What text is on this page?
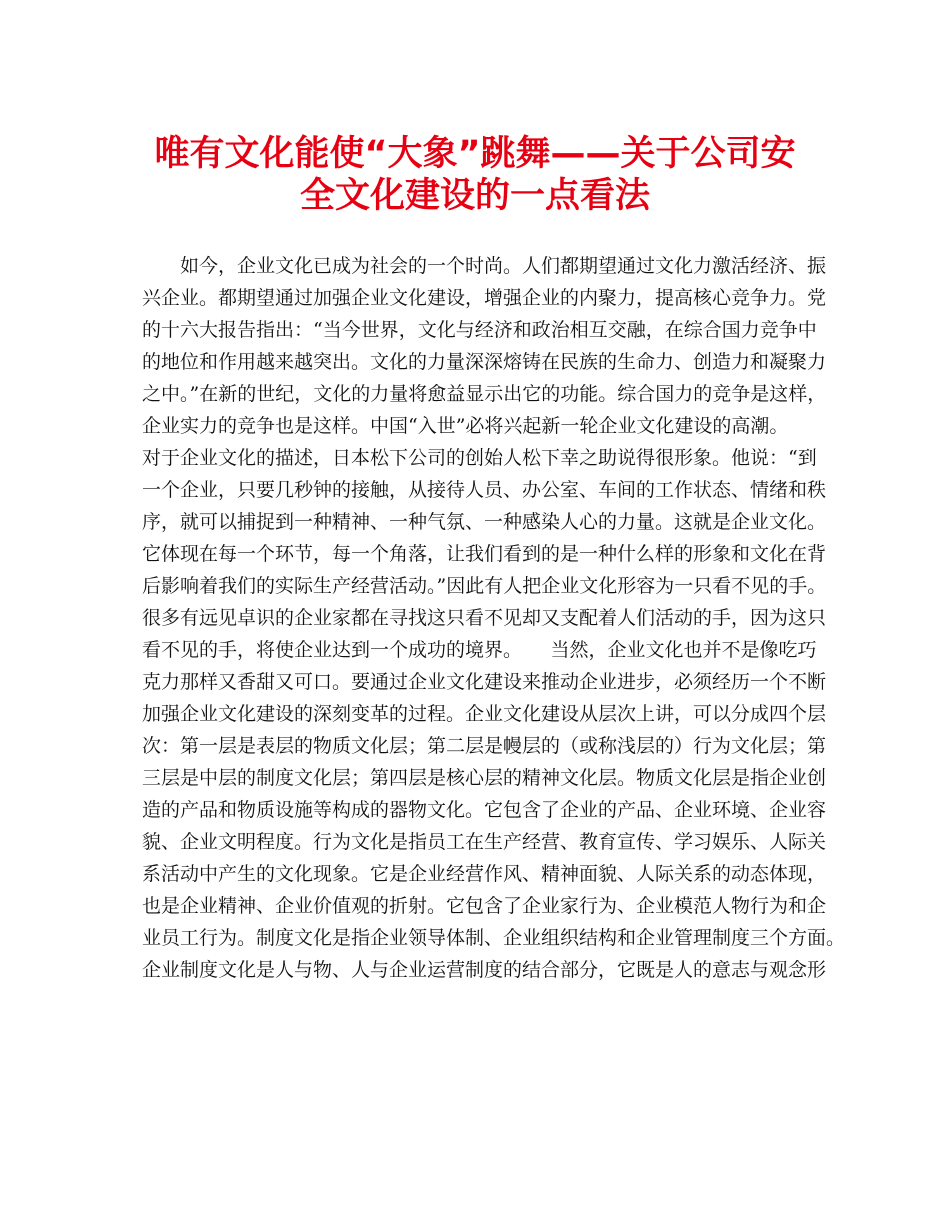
唯有文化能使“大象”跳舞——关于公司安
全文化建设的一点看法
　　如今，企业文化已成为社会的一个时尚。人们都期望通过文化力激活经济、振
兴企业。都期望通过加强企业文化建设，增强企业的内聚力，提高核心竞争力。党
的十六大报告指出：“当今世界，文化与经济和政治相互交融，在综合国力竞争中
的地位和作用越来越突出。文化的力量深深熔铸在民族的生命力、创造力和凝聚力
之中。”在新的世纪，文化的力量将愈益显示出它的功能。综合国力的竞争是这样，
企业实力的竞争也是这样。中国“入世”必将兴起新一轮企业文化建设的高潮。
对于企业文化的描述，日本松下公司的创始人松下幸之助说得很形象。他说：“到
一个企业，只要几秒钟的接触，从接待人员、办公室、车间的工作状态、情绪和秩
序，就可以捕捉到一种精神、一种气氛、一种感染人心的力量。这就是企业文化。
它体现在每一个环节，每一个角落，让我们看到的是一种什么样的形象和文化在背
后影响着我们的实际生产经营活动。”因此有人把企业文化形容为一只看不见的手。
很多有远见卓识的企业家都在寻找这只看不见却又支配着人们活动的手，因为这只
看不见的手，将使企业达到一个成功的境界。　　当然，企业文化也并不是像吃巧
克力那样又香甜又可口。要通过企业文化建设来推动企业进步，必须经历一个不断
加强企业文化建设的深刻变革的过程。企业文化建设从层次上讲，可以分成四个层
次：第一层是表层的物质文化层；第二层是幔层的（或称浅层的）行为文化层；第
三层是中层的制度文化层；第四层是核心层的精神文化层。物质文化层是指企业创
造的产品和物质设施等构成的器物文化。它包含了企业的产品、企业环境、企业容
貌、企业文明程度。行为文化是指员工在生产经营、教育宣传、学习娱乐、人际关
系活动中产生的文化现象。它是企业经营作风、精神面貌、人际关系的动态体现，
也是企业精神、企业价值观的折射。它包含了企业家行为、企业模范人物行为和企
业员工行为。制度文化是指企业领导体制、企业组织结构和企业管理制度三个方面。
企业制度文化是人与物、人与企业运营制度的结合部分，它既是人的意志与观念形
